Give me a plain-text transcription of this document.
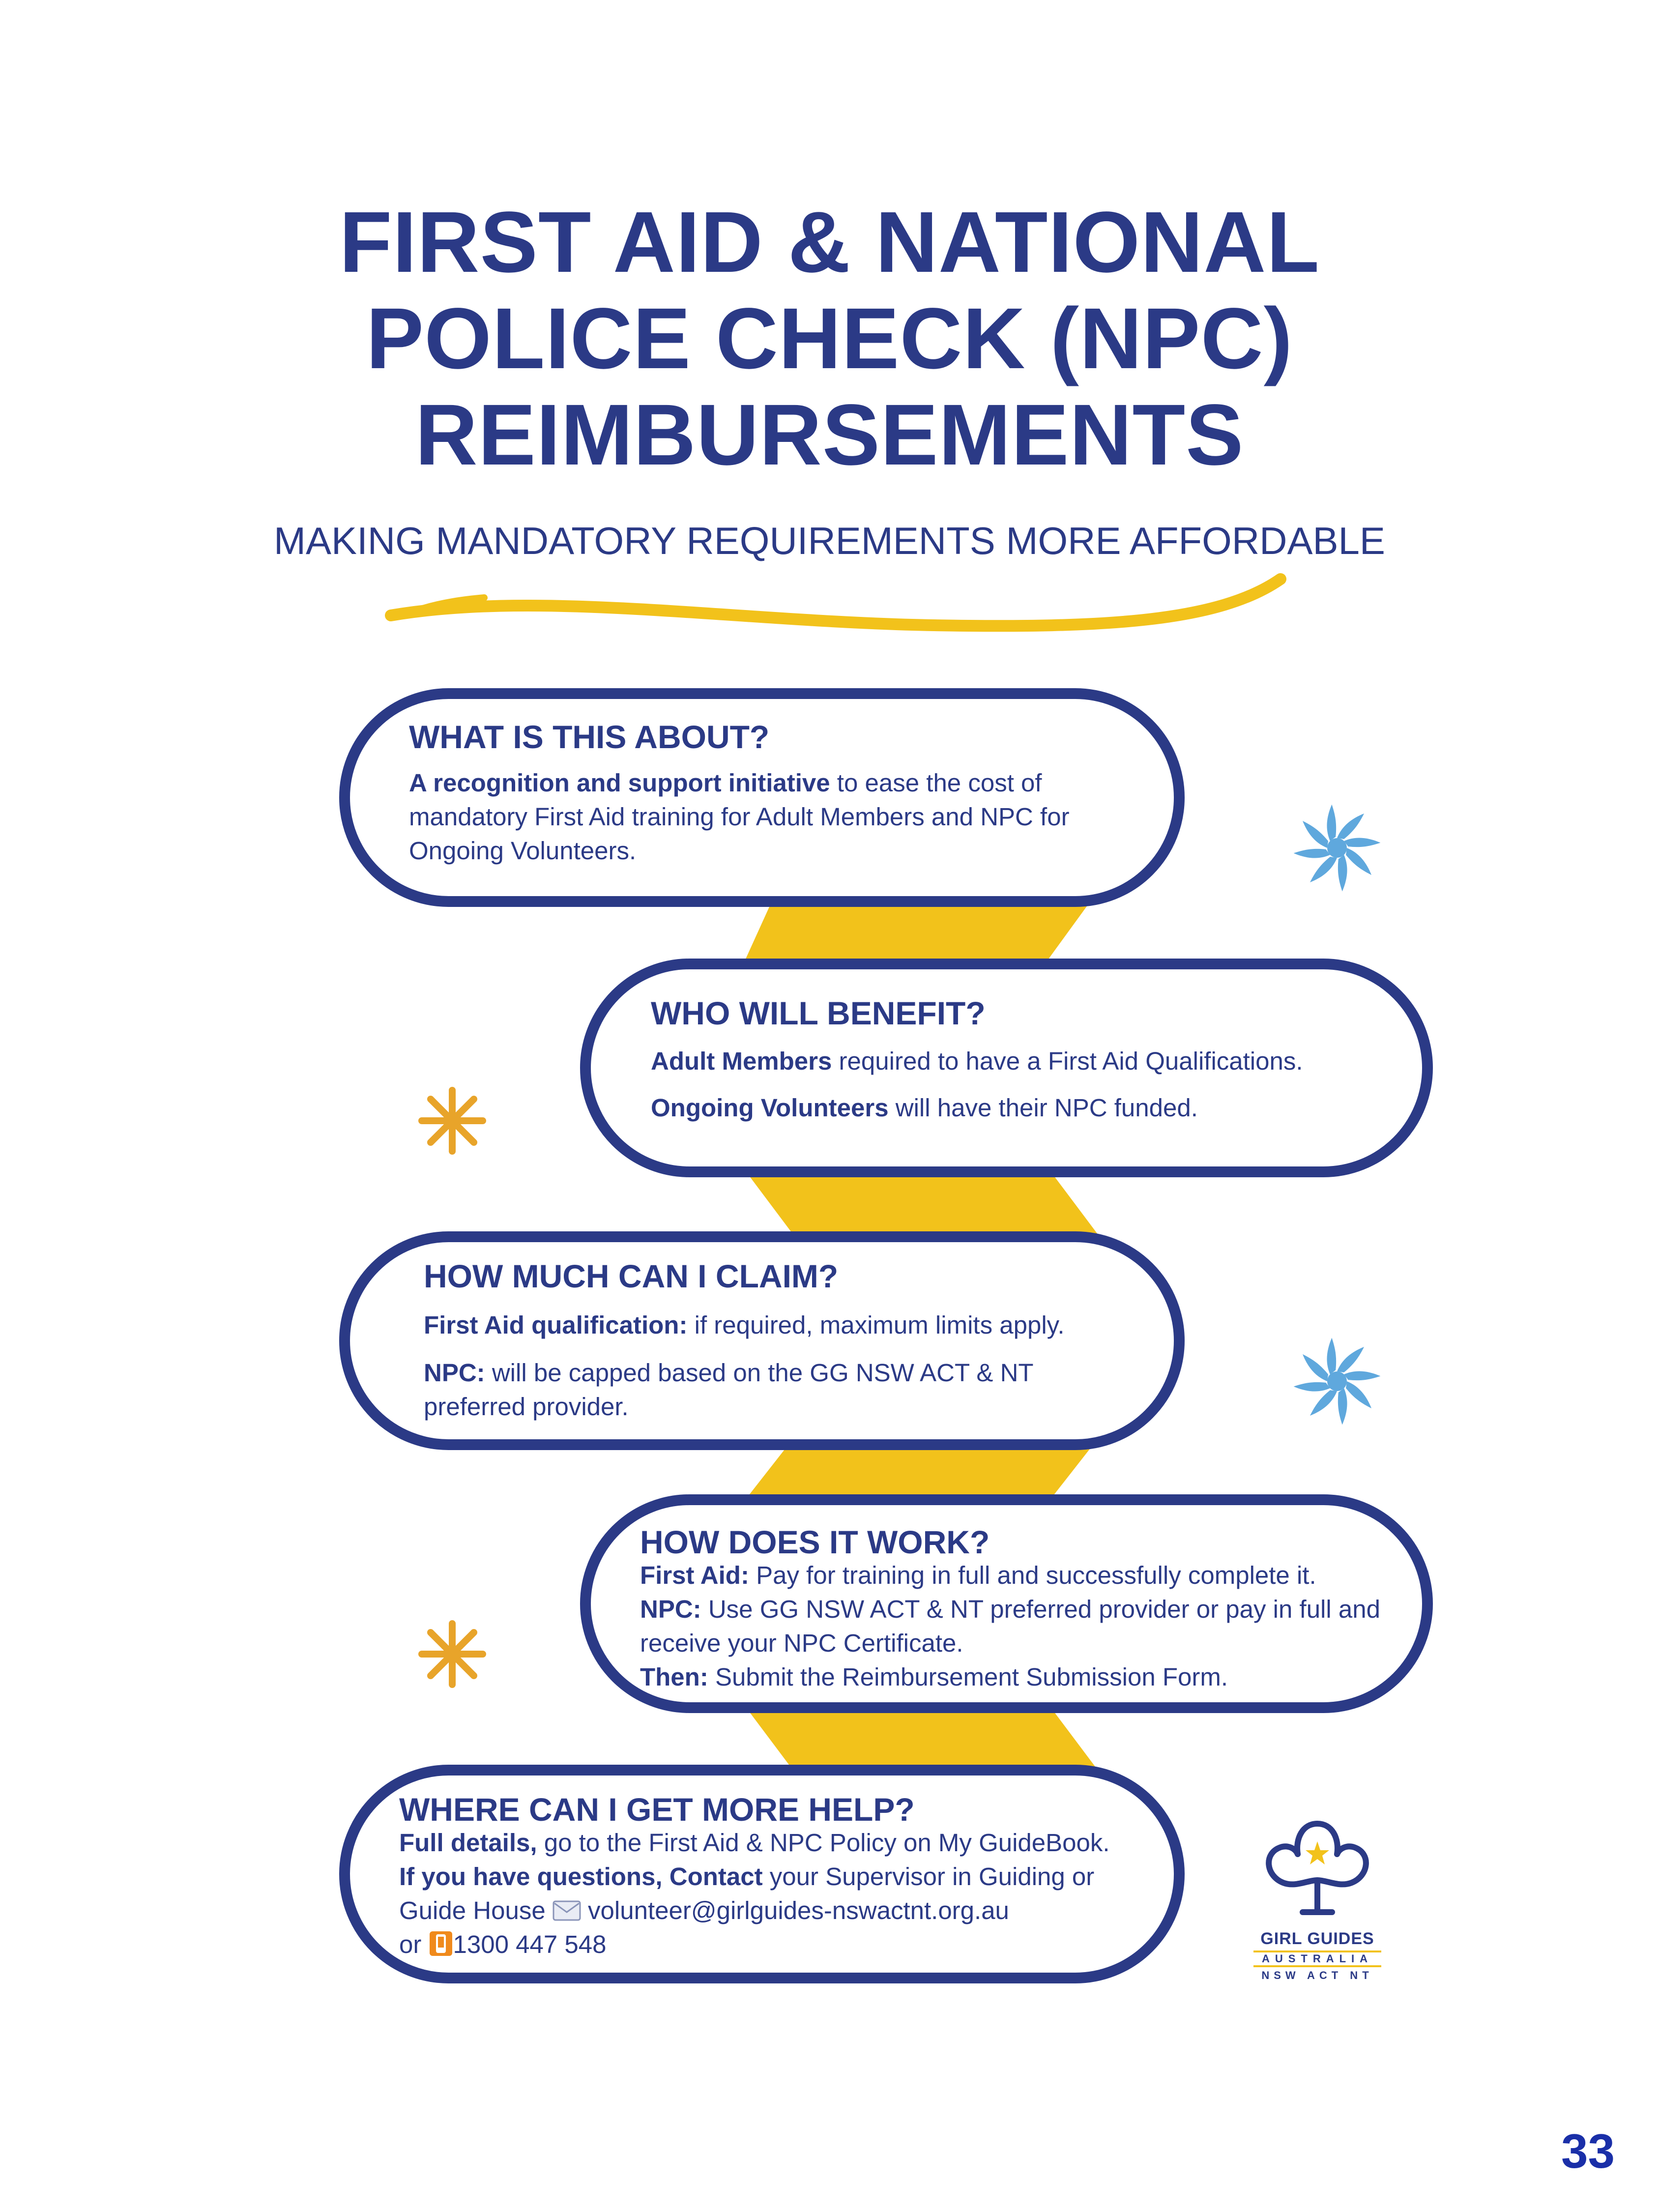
FIRST AID & NATIONAL
POLICE CHECK (NPC)
REIMBURSEMENTS
MAKING MANDATORY REQUIREMENTS MORE AFFORDABLE
WHAT IS THIS ABOUT?

A recognition and support initiative to ease the cost of mandatory First Aid training for Adult Members and NPC for Ongoing Volunteers.

WHO WILL BENEFIT?

Adult Members required to have a First Aid Qualifications.

Ongoing Volunteers will have their NPC funded.

HOW MUCH CAN I CLAIM?

First Aid qualification: if required, maximum limits apply.

NPC: will be capped based on the GG NSW ACT & NT preferred provider.

HOW DOES IT WORK?

First Aid: Pay for training in full and successfully complete it.

NPC: Use GG NSW ACT & NT preferred provider or pay in full and receive your NPC Certificate.

Then: Submit the Reimbursement Submission Form.

WHERE CAN I GET MORE HELP?

Full details, go to the First Aid & NPC Policy on My GuideBook.

If you have questions, Contact your Supervisor in Guiding or Guide House  volunteer@girlguides-nswactnt.org.au
or 1300 447 548	GIRL GUIDES
AUSTRALIA
NSW ACT NT
33
